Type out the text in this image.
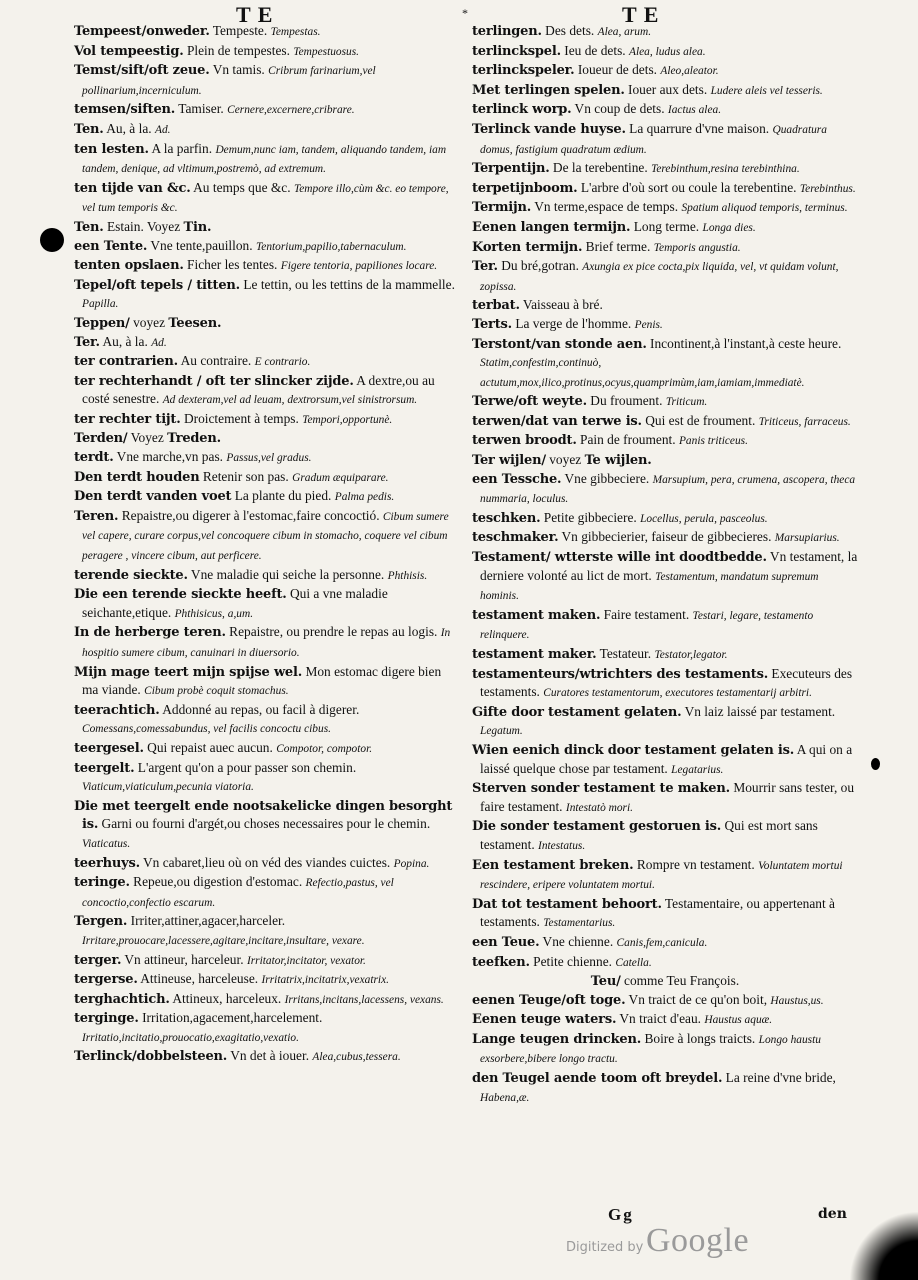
T E	*	T E

Tempeest/onweder. Tempeste. Tempestas.

Vol tempeestig. Plein de tempestes. Tempestuosus.

Temst/sift/oft zeue. Vn tamis. Cribrum farinarium,vel pollinarium,incerniculum.

temsen/siften. Tamiser. Cernere,excernere,cribrare.

Ten. Au, à la. Ad.

ten lesten. A la parfin. Demum,nunc iam, tandem, aliquando tandem, iam tandem, denique, ad vltimum,postremò, ad extremum.

ten tijde van &c. Au temps que &c. Tempore illo,cùm &c. eo tempore, vel tum temporis &c.

Ten. Estain. Voyez Tin.

een Tente. Vne tente,pauillon. Tentorium,papilio,tabernaculum.

tenten opslaen. Ficher les tentes. Figere tentoria, papiliones locare.

Tepel/oft tepels / titten. Le tettin, ou les tettins de la mammelle. Papilla.

Teppen/ voyez Teesen.

Ter. Au, à la. Ad.

ter contrarien. Au contraire. E contrario.

ter rechterhandt / oft ter slincker zijde. A dextre,ou au costé senestre. Ad dexteram,vel ad leuam, dextrorsum,vel sinistrorsum.

ter rechter tijt. Droictement à temps. Tempori,opportunè.

Terden/ Voyez Treden.

terdt. Vne marche,vn pas. Passus,vel gradus.

Den terdt houden Retenir son pas. Gradum æquiparare.

Den terdt vanden voet La plante du pied. Palma pedis.

Teren. Repaistre,ou digerer à l'estomac,faire concoctió. Cibum sumere vel capere, curare corpus,vel concoquere cibum in stomacho, coquere vel cibum peragere , vincere cibum, aut perficere.

terende sieckte. Vne maladie qui seiche la personne. Phthisis.

Die een terende sieckte heeft. Qui a vne maladie seichante,etique. Phthisicus, a,um.

In de herberge teren. Repaistre, ou prendre le repas au logis. In hospitio sumere cibum, canuinari in diuersorio.

Mijn mage teert mijn spijse wel. Mon estomac digere bien ma viande. Cibum probè coquit stomachus.

teerachtich. Addonné au repas, ou facil à digerer. Comessans,comessabundus, vel facilis concoctu cibus.

teergesel. Qui repaist auec aucun. Compotor, compotor.

teergelt. L'argent qu'on a pour passer son chemin. Viaticum,viaticulum,pecunia viatoria.

Die met teergelt ende nootsakelicke dingen besorght is. Garni ou fourni d'argét,ou choses necessaires pour le chemin. Viaticatus.

teerhuys. Vn cabaret,lieu où on véd des viandes cuictes. Popina.

teringe. Repeue,ou digestion d'estomac. Refectio,pastus, vel concoctio,confectio escarum.

Tergen. Irriter,attiner,agacer,harceler. Irritare,prouocare,lacessere,agitare,incitare,insultare, vexare.

terger. Vn attineur, harceleur. Irritator,incitator, vexator.

tergerse. Attineuse, harceleuse. Irritatrix,incitatrix,vexatrix.

terghachtich. Attineux, harceleux. Irritans,incitans,lacessens, vexans.

terginge. Irritation,agacement,harcelement. Irritatio,incitatio,prouocatio,exagitatio,vexatio.

Terlinck/dobbelsteen. Vn det à iouer. Alea,cubus,tessera.

terlingen. Des dets. Alea, arum.

terlinckspel. Ieu de dets. Alea, ludus alea.

terlinckspeler. Ioueur de dets. Aleo,aleator.

Met terlingen spelen. Iouer aux dets. Ludere aleis vel tesseris.

terlinck worp. Vn coup de dets. Iactus alea.

Terlinck vande huyse. La quarrure d'vne maison. Quadratura domus, fastigium quadratum ædium.

Terpentijn. De la terebentine. Terebinthum,resina terebinthina.

terpetijnboom. L'arbre d'où sort ou coule la terebentine. Terebinthus.

Termijn. Vn terme,espace de temps. Spatium aliquod temporis, terminus.

Eenen langen termijn. Long terme. Longa dies.

Korten termijn. Brief terme. Temporis angustia.

Ter. Du bré,gotran. Axungia ex pice cocta,pix liquida, vel, vt quidam volunt, zopissa.

terbat. Vaisseau à bré.

Terts. La verge de l'homme. Penis.

Terstont/van stonde aen. Incontinent,à l'instant,à ceste heure. Statim,confestim,continuò, actutum,mox,ilico,protinus,ocyus,quamprimùm,iam,iamiam,immediatè.

Terwe/oft weyte. Du froument. Triticum.

terwen/dat van terwe is. Qui est de froument. Triticeus, farraceus.

terwen broodt. Pain de froument. Panis triticeus.

Ter wijlen/ voyez Te wijlen.

een Tessche. Vne gibbeciere. Marsupium, pera, crumena, ascopera, theca nummaria, loculus.

teschken. Petite gibbeciere. Locellus, perula, pasceolus.

teschmaker. Vn gibbecierier, faiseur de gibbecieres. Marsupiarius.

Testament/ wtterste wille int doodtbedde. Vn testament, la derniere volonté au lict de mort. Testamentum, mandatum supremum hominis.

testament maken. Faire testament. Testari, legare, testamento relinquere.

testament maker. Testateur. Testator,legator.

testamenteurs/wtrichters des testaments. Executeurs des testaments. Curatores testamentorum, executores testamentarij arbitri.

Gifte door testament gelaten. Vn laiz laissé par testament. Legatum.

Wien eenich dinck door testament gelaten is. A qui on a laissé quelque chose par testament. Legatarius.

Sterven sonder testament te maken. Mourrir sans tester, ou faire testament. Intestatò mori.

Die sonder testament gestoruen is. Qui est mort sans testament. Intestatus.

Een testament breken. Rompre vn testament. Voluntatem mortui rescindere, eripere voluntatem mortui.

Dat tot testament behoort. Testamentaire, ou appertenant à testaments. Testamentarius.

een Teue. Vne chienne. Canis,fem,canicula.

teefken. Petite chienne. Catella.

Teu/ comme Teu François.

eenen Teuge/oft toge. Vn traict de ce qu'on boit, Haustus,us.

Eenen teuge waters. Vn traict d'eau. Haustus aquæ.

Lange teugen drincken. Boire à longs traicts. Longo haustu exsorbere,bibere longo tractu.

den Teugel aende toom oft breydel. La reine d'vne bride, Habena,æ.

Gg	den
Digitized by Google
